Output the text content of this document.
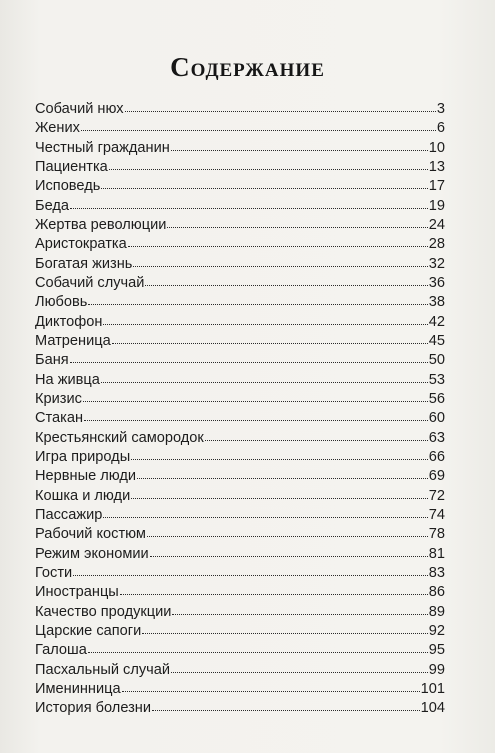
Содержание
Собачий нюх	3
Жених	6
Честный гражданин	10
Пациентка	13
Исповедь	17
Беда	19
Жертва революции	24
Аристократка	28
Богатая жизнь	32
Собачий случай	36
Любовь	38
Диктофон	42
Матреница	45
Баня	50
На живца	53
Кризис	56
Стакан	60
Крестьянский самородок	63
Игра природы	66
Нервные люди	69
Кошка и люди	72
Пассажир	74
Рабочий костюм	78
Режим экономии	81
Гости	83
Иностранцы	86
Качество продукции	89
Царские сапоги	92
Галоша	95
Пасхальный случай	99
Именинница	101
История болезни	104
